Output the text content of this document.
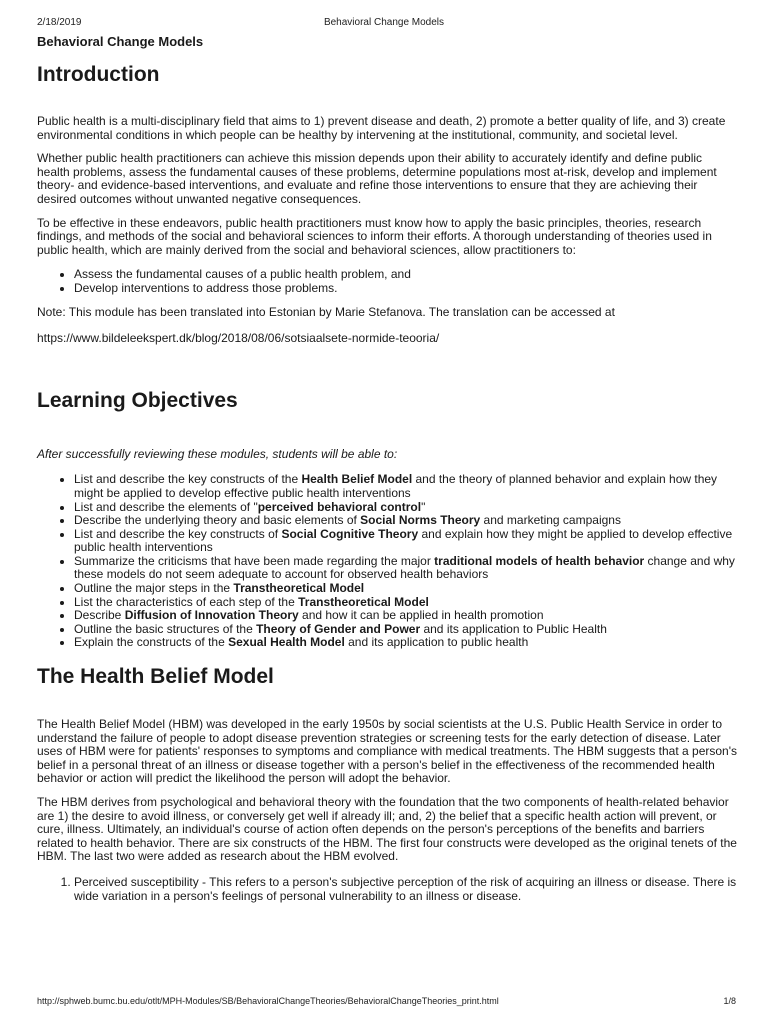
2/18/2019	Behavioral Change Models
Behavioral Change Models
Introduction

Public health is a multi-disciplinary field that aims to 1) prevent disease and death, 2) promote a better quality of life, and 3) create environmental conditions in which people can be healthy by intervening at the institutional, community, and societal level.

Whether public health practitioners can achieve this mission depends upon their ability to accurately identify and define public health problems, assess the fundamental causes of these problems, determine populations most at-risk, develop and implement theory- and evidence-based interventions, and evaluate and refine those interventions to ensure that they are achieving their desired outcomes without unwanted negative consequences.

To be effective in these endeavors, public health practitioners must know how to apply the basic principles, theories, research findings, and methods of the social and behavioral sciences to inform their efforts. A thorough understanding of theories used in public health, which are mainly derived from the social and behavioral sciences, allow practitioners to:

• Assess the fundamental causes of a public health problem, and
• Develop interventions to address those problems.

Note: This module has been translated into Estonian by Marie Stefanova. The translation can be accessed at

https://www.bildeleekspert.dk/blog/2018/08/06/sotsiaalsete-normide-teooria/

Learning Objectives

After successfully reviewing these modules, students will be able to:

• List and describe the key constructs of the Health Belief Model and the theory of planned behavior and explain how they might be applied to develop effective public health interventions
• List and describe the elements of "perceived behavioral control"
• Describe the underlying theory and basic elements of Social Norms Theory and marketing campaigns
• List and describe the key constructs of Social Cognitive Theory and explain how they might be applied to develop effective public health interventions
• Summarize the criticisms that have been made regarding the major traditional models of health behavior change and why these models do not seem adequate to account for observed health behaviors
• Outline the major steps in the Transtheoretical Model
• List the characteristics of each step of the Transtheoretical Model
• Describe Diffusion of Innovation Theory and how it can be applied in health promotion
• Outline the basic structures of the Theory of Gender and Power and its application to Public Health
• Explain the constructs of the Sexual Health Model and its application to public health
The Health Belief Model

The Health Belief Model (HBM) was developed in the early 1950s by social scientists at the U.S. Public Health Service in order to understand the failure of people to adopt disease prevention strategies or screening tests for the early detection of disease. Later uses of HBM were for patients' responses to symptoms and compliance with medical treatments. The HBM suggests that a person's belief in a personal threat of an illness or disease together with a person's belief in the effectiveness of the recommended health behavior or action will predict the likelihood the person will adopt the behavior.

The HBM derives from psychological and behavioral theory with the foundation that the two components of health-related behavior are 1) the desire to avoid illness, or conversely get well if already ill; and, 2) the belief that a specific health action will prevent, or cure, illness. Ultimately, an individual's course of action often depends on the person's perceptions of the benefits and barriers related to health behavior. There are six constructs of the HBM. The first four constructs were developed as the original tenets of the HBM. The last two were added as research about the HBM evolved.

1. Perceived susceptibility - This refers to a person's subjective perception of the risk of acquiring an illness or disease. There is wide variation in a person's feelings of personal vulnerability to an illness or disease.
http://sphweb.bumc.bu.edu/otlt/MPH-Modules/SB/BehavioralChangeTheories/BehavioralChangeTheories_print.html	1/8
